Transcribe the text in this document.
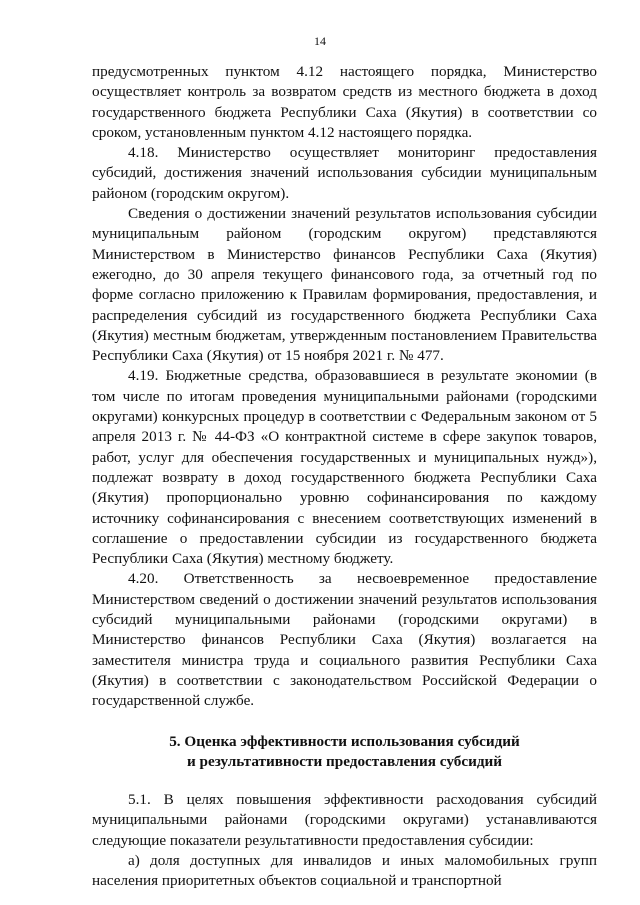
14

предусмотренных пунктом 4.12 настоящего порядка, Министерство осуществляет контроль за возвратом средств из местного бюджета в доход государственного бюджета Республики Саха (Якутия) в соответствии со сроком, установленным пунктом 4.12 настоящего порядка.

4.18. Министерство осуществляет мониторинг предоставления субсидий, достижения значений использования субсидии муниципальным районом (городским округом).

Сведения о достижении значений результатов использования субсидии муниципальным районом (городским округом) представляются Министерством в Министерство финансов Республики Саха (Якутия) ежегодно, до 30 апреля текущего финансового года, за отчетный год по форме согласно приложению к Правилам формирования, предоставления, и распределения субсидий из государственного бюджета Республики Саха (Якутия) местным бюджетам, утвержденным постановлением Правительства Республики Саха (Якутия) от 15 ноября 2021 г. № 477.

4.19. Бюджетные средства, образовавшиеся в результате экономии (в том числе по итогам проведения муниципальными районами (городскими округами) конкурсных процедур в соответствии с Федеральным законом от 5 апреля 2013 г. № 44-ФЗ «О контрактной системе в сфере закупок товаров, работ, услуг для обеспечения государственных и муниципальных нужд»), подлежат возврату в доход государственного бюджета Республики Саха (Якутия) пропорционально уровню софинансирования по каждому источнику софинансирования с внесением соответствующих изменений в соглашение о предоставлении субсидии из государственного бюджета Республики Саха (Якутия) местному бюджету.

4.20. Ответственность за несвоевременное предоставление Министерством сведений о достижении значений результатов использования субсидий муниципальными районами (городскими округами) в Министерство финансов Республики Саха (Якутия) возлагается на заместителя министра труда и социального развития Республики Саха (Якутия) в соответствии с законодательством Российской Федерации о государственной службе.

5. Оценка эффективности использования субсидий
и результативности предоставления субсидий

5.1. В целях повышения эффективности расходования субсидий муниципальными районами (городскими округами) устанавливаются следующие показатели результативности предоставления субсидии:

а) доля доступных для инвалидов и иных маломобильных групп населения приоритетных объектов социальной и транспортной
